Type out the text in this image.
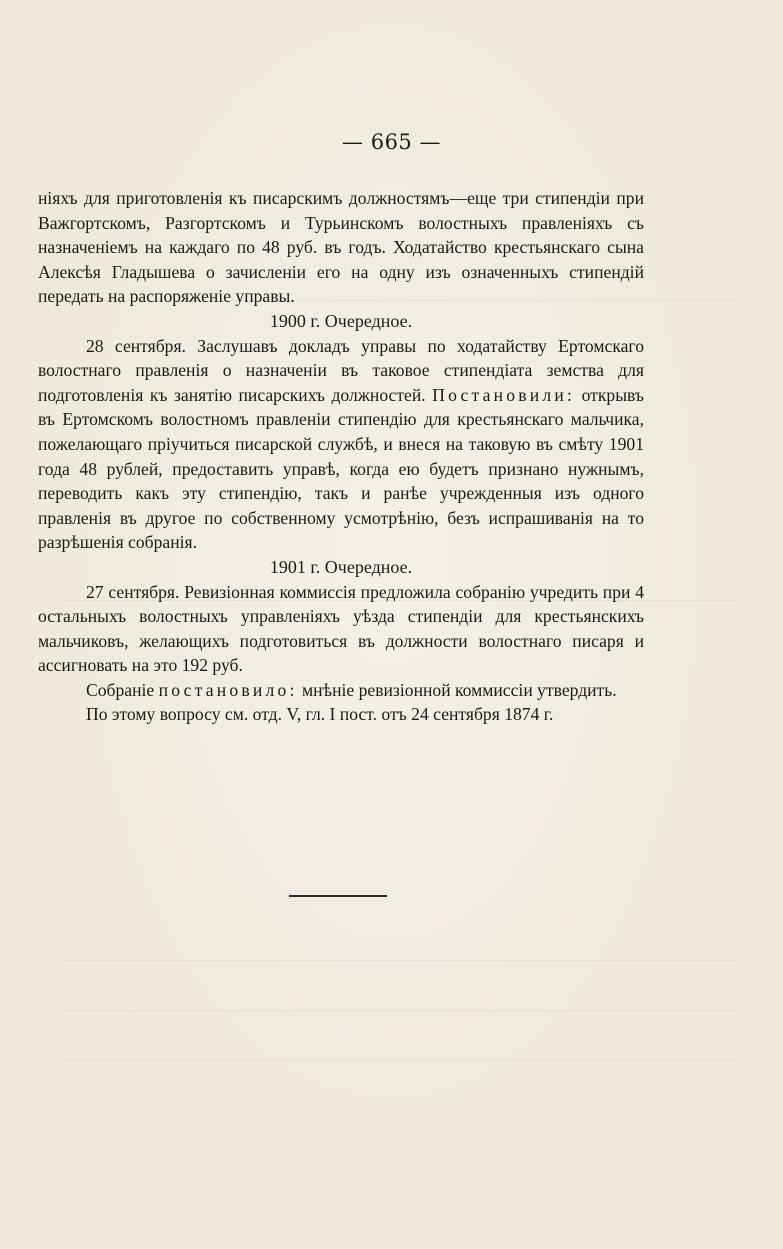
— 665 —

ніяхъ для приготовленія къ писарскимъ должностямъ—еще три стипендіи при Важгортскомъ, Разгортскомъ и Турьинскомъ волостныхъ правленіяхъ съ назначеніемъ на каждаго по 48 руб. въ годъ. Ходатайство крестьянскаго сына Алексѣя Гладышева о зачисленіи его на одну изъ означенныхъ стипендій передать на распоряженіе управы.

1900 г. Очередное.

28 сентября. Заслушавъ докладъ управы по ходатайству Ертомскаго волостнаго правленія о назначеніи въ таковое стипендіата земства для подготовленія къ занятію писарскихъ должностей. Постановили: открывъ въ Ертомскомъ волостномъ правленіи стипендію для крестьянскаго мальчика, пожелающаго пріучиться писарской службѣ, и внеся на таковую въ смѣту 1901 года 48 рублей, предоставить управѣ, когда ею будетъ признано нужнымъ, переводить какъ эту стипендію, такъ и ранѣе учрежденныя изъ одного правленія въ другое по собственному усмотрѣнію, безъ испрашиванія на то разрѣшенія собранія.

1901 г. Очередное.

27 сентября. Ревизіонная коммиссія предложила собранію учредить при 4 остальныхъ волостныхъ управленіяхъ уѣзда стипендіи для крестьянскихъ мальчиковъ, желающихъ подготовиться въ должности волостнаго писаря и ассигновать на это 192 руб.

Собраніе постановило: мнѣніе ревизіонной коммиссіи утвердить.

По этому вопросу см. отд. V, гл. I пост. отъ 24 сентября 1874 г.
